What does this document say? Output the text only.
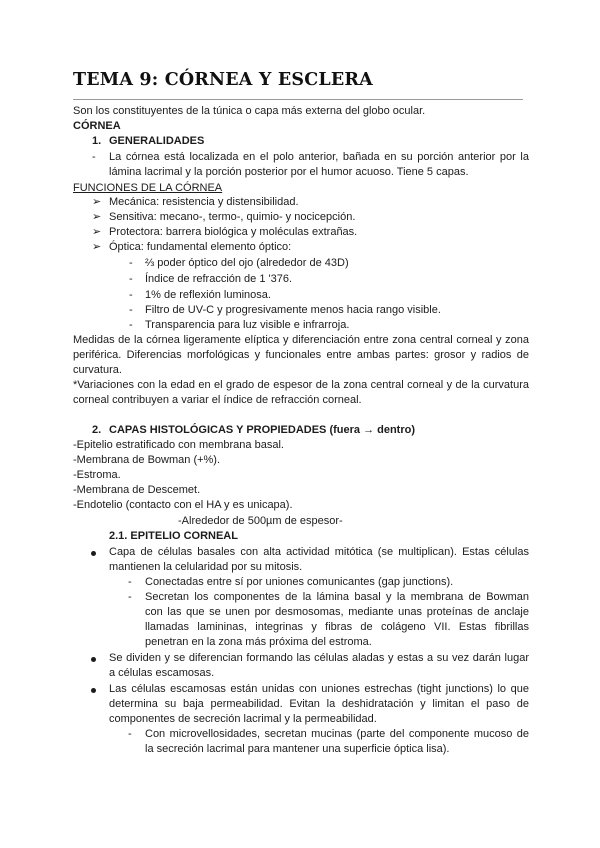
TEMA 9: CÓRNEA Y ESCLERA
Son los constituyentes de la túnica o capa más externa del globo ocular.
CÓRNEA
1. GENERALIDADES
- La córnea está localizada en el polo anterior, bañada en su porción anterior por la
lámina lacrimal y la porción posterior por el humor acuoso. Tiene 5 capas.
FUNCIONES DE LA CÓRNEA
➢ Mecánica: resistencia y distensibilidad.
➢ Sensitiva: mecano-, termo-, quimio- y nocicepción.
➢ Protectora: barrera biológica y moléculas extrañas.
➢ Óptica: fundamental elemento óptico:
- ⅔ poder óptico del ojo (alrededor de 43D)
- Índice de refracción de 1 '376.
- 1% de reflexión luminosa.
- Filtro de UV-C y progresivamente menos hacia rango visible.
- Transparencia para luz visible e infrarroja.
Medidas de la córnea ligeramente elíptica y diferenciación entre zona central corneal y zona
periférica. Diferencias morfológicas y funcionales entre ambas partes: grosor y radios de
curvatura.
*Variaciones con la edad en el grado de espesor de la zona central corneal y de la curvatura
corneal contribuyen a variar el índice de refracción corneal.
2. CAPAS HISTOLÓGICAS Y PROPIEDADES (fuera → dentro)
-Epitelio estratificado con membrana basal.
-Membrana de Bowman (+%).
-Estroma.
-Membrana de Descemet.
-Endotelio (contacto con el HA y es unicapa).
-Alrededor de 500µm de espesor-
2.1. EPITELIO CORNEAL
Capa de células basales con alta actividad mitótica (se multiplican). Estas células
mantienen la celularidad por su mitosis.
- Conectadas entre sí por uniones comunicantes (gap junctions).
- Secretan los componentes de la lámina basal y la membrana de Bowman
con las que se unen por desmosomas, mediante unas proteínas de anclaje
llamadas lamininas, integrinas y fibras de colágeno VII. Estas fibrillas
penetran en la zona más próxima del estroma.
Se dividen y se diferencian formando las células aladas y estas a su vez darán lugar
a células escamosas.
Las células escamosas están unidas con uniones estrechas (tight junctions) lo que
determina su baja permeabilidad. Evitan la deshidratación y limitan el paso de
componentes de secreción lacrimal y la permeabilidad.
- Con microvellosidades, secretan mucinas (parte del componente mucoso de
la secreción lacrimal para mantener una superficie óptica lisa).
